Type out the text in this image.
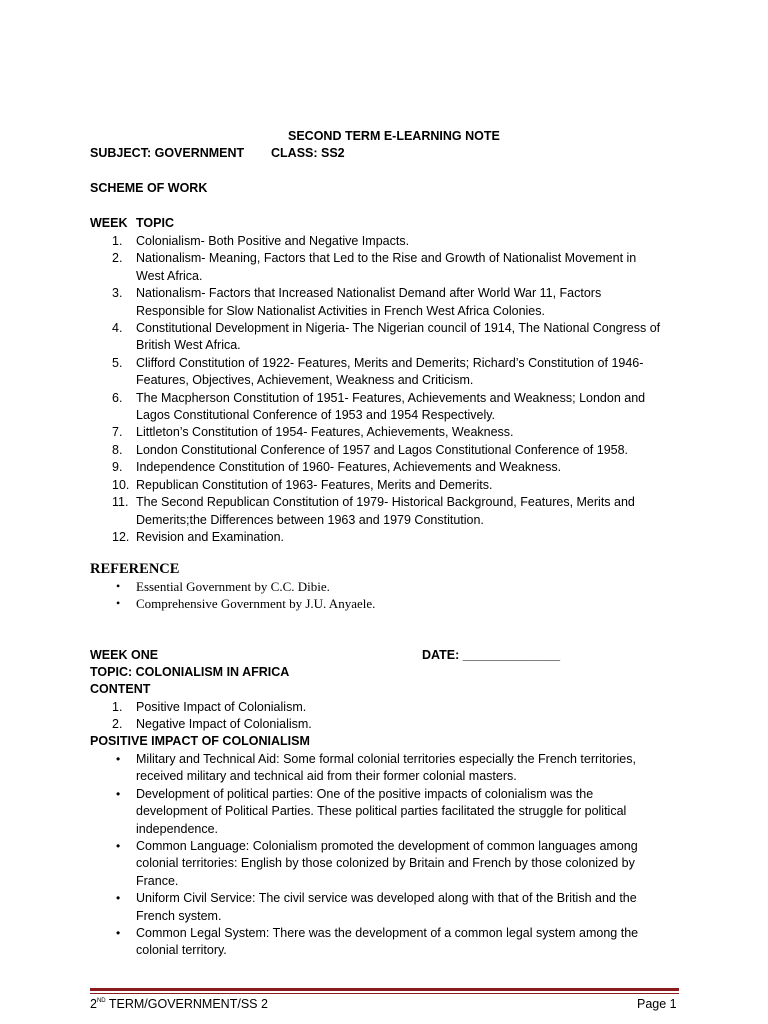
SECOND TERM E-LEARNING NOTE
SUBJECT: GOVERNMENT CLASS: SS2
SCHEME OF WORK
WEEK TOPIC
1.	Colonialism- Both Positive and Negative Impacts.
2.	Nationalism- Meaning, Factors that Led to the Rise and Growth of Nationalist Movement in
West Africa.
3.	Nationalism- Factors that Increased Nationalist Demand after World War 11, Factors
Responsible for Slow Nationalist Activities in French West Africa Colonies.
4.	Constitutional Development in Nigeria- The Nigerian council of 1914, The National Congress of
British West Africa.
5.	Clifford Constitution of 1922- Features, Merits and Demerits; Richard’s Constitution of 1946-
Features, Objectives, Achievement, Weakness and Criticism.
6.	The Macpherson Constitution of 1951- Features, Achievements and Weakness; London and
Lagos Constitutional Conference of 1953 and 1954 Respectively.
7.	Littleton’s Constitution of 1954- Features, Achievements, Weakness.
8.	London Constitutional Conference of 1957 and Lagos Constitutional Conference of 1958.
9.	Independence Constitution of 1960- Features, Achievements and Weakness.
10. Republican Constitution of 1963- Features, Merits and Demerits.
11. The Second Republican Constitution of 1979- Historical Background, Features, Merits and
Demerits;the Differences between 1963 and 1979 Constitution.
12. Revision and Examination.
REFERENCE
• Essential Government by C.C. Dibie.
• Comprehensive Government by J.U. Anyaele.
WEEK ONE	DATE: ______________
TOPIC: COLONIALISM IN AFRICA
CONTENT
1.	Positive Impact of Colonialism.
2.	Negative Impact of Colonialism.
POSITIVE IMPACT OF COLONIALISM
• Military and Technical Aid: Some formal colonial territories especially the French territories,
received military and technical aid from their former colonial masters.
• Development of political parties: One of the positive impacts of colonialism was the
development of Political Parties. These political parties facilitated the struggle for political
independence.
• Common Language: Colonialism promoted the development of common languages among
colonial territories: English by those colonized by Britain and French by those colonized by
France.
• Uniform Civil Service: The civil service was developed along with that of the British and the
French system.
• Common Legal System: There was the development of a common legal system among the
colonial territory.
2ND TERM/GOVERNMENT/SS 2	Page 1
